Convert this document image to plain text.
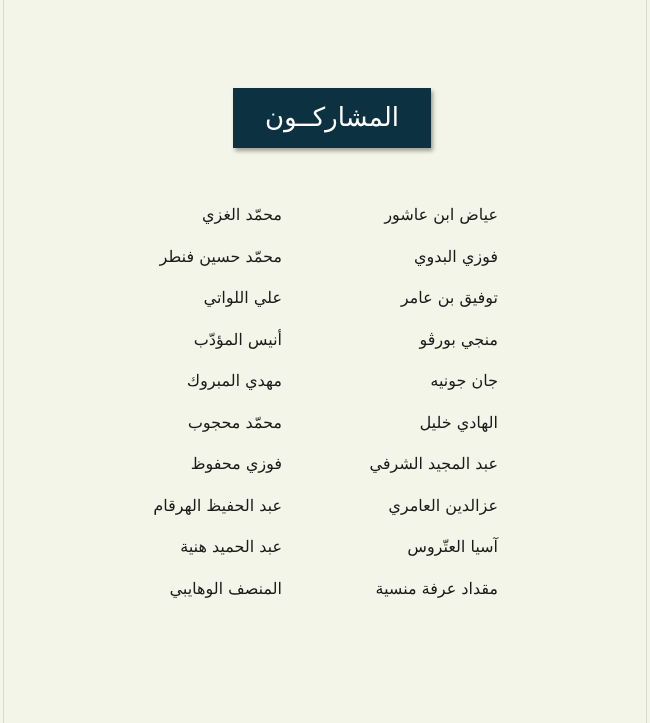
المشاركــون
عياض ابن عاشور
فوزي البدوي
توفيق بن عامر
منجي بورڨو
جان جونيه
الهادي خليل
عبد المجيد الشرفي
عزالدين العامري
آسيا العتّروس
مقداد عرفة منسية
محمّد الغزي
محمّد حسين فنطر
علي اللواتي
أنيس المؤدّب
مهدي المبروك
محمّد محجوب
فوزي محفوظ
عبد الحفيظ الهرقام
عبد الحميد هنية
المنصف الوهايبي
